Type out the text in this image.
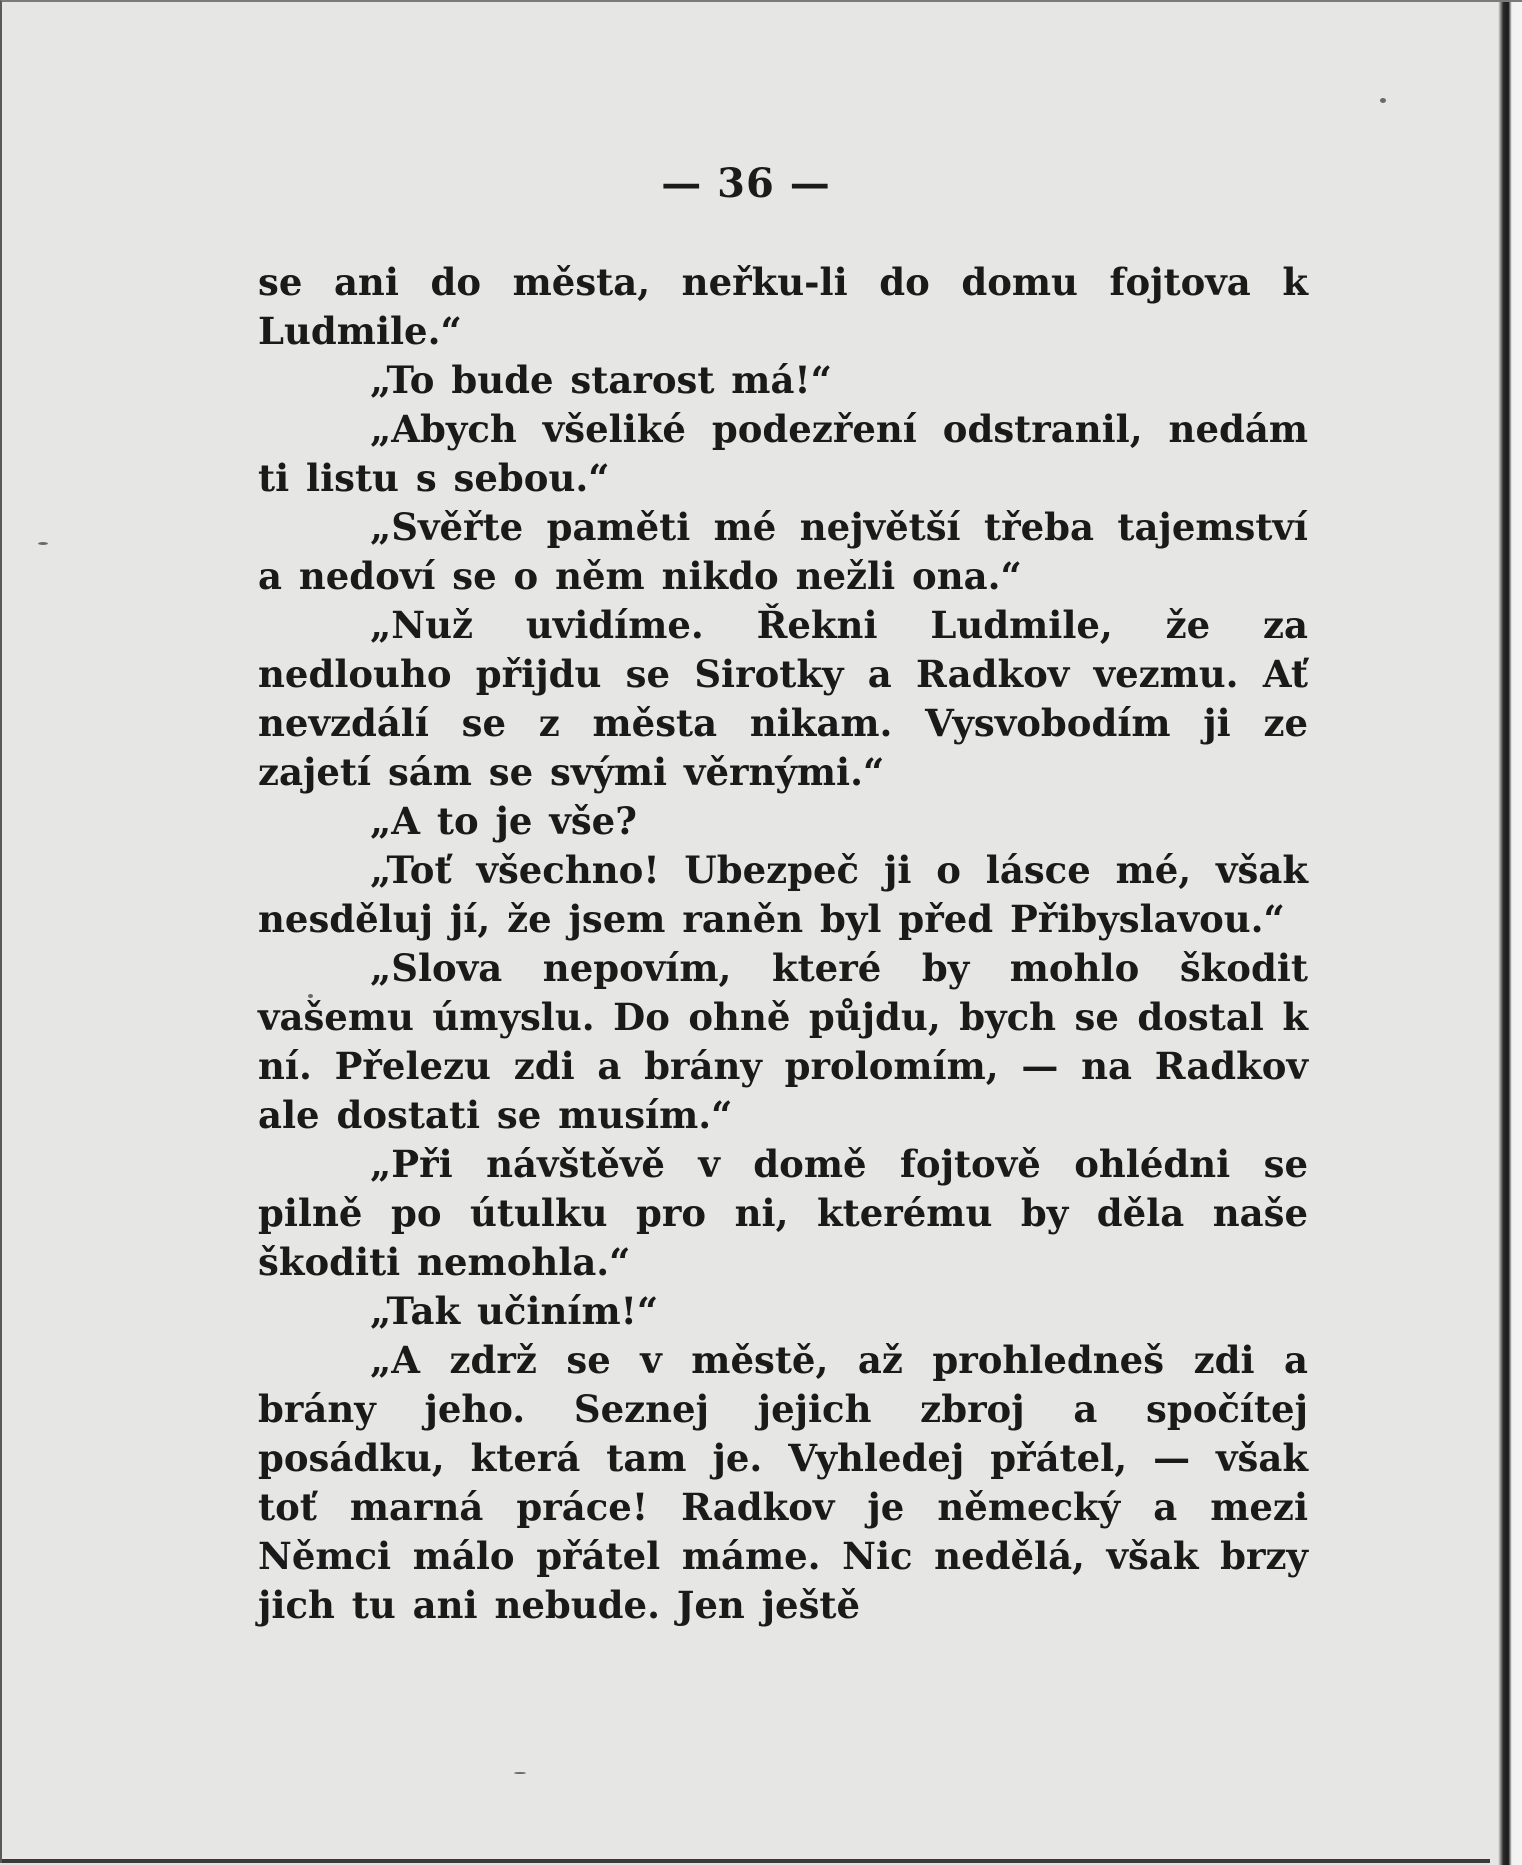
— 36 —

se ani do města, neřku-li do domu fojtova k Ludmile.“

„To bude starost má!“

„Abych všeliké podezření odstranil, nedám ti listu s sebou.“

„Svěřte paměti mé největší třeba tajemství a nedoví se o něm nikdo nežli ona.“

„Nuž uvidíme. Řekni Ludmile, že za nedlouho přijdu se Sirotky a Radkov vezmu. Ať nevzdálí se z města nikam. Vysvobodím ji ze zajetí sám se svými věrnými.“

„A to je vše?

„Toť všechno! Ubezpeč ji o lásce mé, však nesděluj jí, že jsem raněn byl před Přibyslavou.“

„Slova nepovím, které by mohlo škodit vašemu úmyslu. Do ohně půjdu, bych se dostal k ní. Přelezu zdi a brány prolomím, — na Radkov ale dostati se musím.“

„Při návštěvě v domě fojtově ohlédni se pilně po útulku pro ni, kterému by děla naše škoditi nemohla.“

„Tak učiním!“

„A zdrž se v městě, až prohledneš zdi a brány jeho. Seznej jejich zbroj a spočítej posádku, která tam je. Vyhledej přátel, — však toť marná práce! Radkov je německý a mezi Němci málo přátel máme. Nic nedělá, však brzy jich tu ani nebude. Jen ještě
